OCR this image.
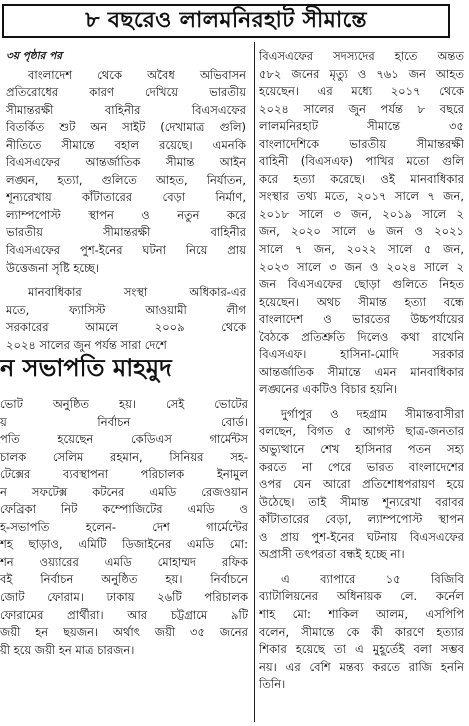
৮ বছরেও লালমনিরহাট সীমান্তে

৩য় পৃষ্ঠার পর

বাংলাদেশ থেকে অবৈধ অভিবাসন

প্রতিরোধের কারণ দেখিয়ে ভারতীয়

সীমান্তরক্ষী বাহিনীর বিএসএফের

বিতর্কিত শুট অন সাইট (দেখামাত্র গুলি)

নীতিতে সীমান্তে বহাল রয়েছে। এমনকি

বিএসএফের আন্তর্জাতিক সীমান্ত আইন

লঙ্ঘন, হত্যা, গুলিতে আহত, নির্যাতন,

শূন্যরেখায় কাঁটাতারের বেড়া নির্মাণ,

ল্যাম্পপোস্ট স্থাপন ও নতুন করে

ভারতীয় সীমান্তরক্ষী বাহিনীর

বিএসএফের পুশ-ইনের ঘটনা নিয়ে প্রায়

উত্তেজনা সৃষ্টি হচ্ছে।

মানবাধিকার সংস্থা অধিকার-এর

মতে, ফ্যাসিস্ট আওয়ামী লীগ

সরকারের আমলে ২০০৯ থেকে

২০২৪ সালের জুন পর্যন্ত সারা দেশে

ন সভাপতি মাহমুদ

ভোট অনুষ্ঠিত হয়। সেই ভোটের

য় নির্বাচন বোর্ড।

পতি হয়েছেন কেডিএস গার্মেন্টস

চালক সেলিম রহমান, সিনিয়র সহ-

টেক্সের ব্যবস্থাপনা পরিচালক ইনামুল

ন সফটেক্স কটনের এমডি রেজওয়ান

ফেব্রিকা নিট কম্পোজিটের এমডি ও

হ-সভাপতি হলেন- দেশ গার্মেন্টের

শহ ছাড়াও, এমিটি ডিজাইনের এমডি মো:

শন ওয়্যারের এমডি মোহাম্মদ রফিক

বই নির্বাচন অনুষ্ঠিত হয়। নির্বাচনে

জোট ফোরাম। ঢাকায় ২৬টি পরিচালক

ফোরামের প্রার্থীরা। আর চট্টগ্রামে ৯টি

জয়ী হন ছয়জন। অর্থাৎ জয়ী ৩৫ জনের

য়ী হয়ে জয়ী হন মাত্র চারজন।

বিএসএফের সদস্যদের হাতে অন্তত

৫৮২ জনের মৃত্যু ও ৭৬১ জন আহত

হয়েছেন। এর মধ্যে ২০১৭ থেকে

২০২৪ সালের জুন পর্যন্ত ৮ বছরে

লালমনিরহাট সীমান্তে ৩৫

বাংলাদেশিকে ভারতীয় সীমান্তরক্ষী

বাহিনী (বিএসএফ) পাখির মতো গুলি

করে হত্যা করেছে। ওই মানবাধিকার

সংস্থার তথ্য মতে, ২০১৭ সালে ৭ জন,

২০১৮ সালে ৩ জন, ২০১৯ সালে ২

জন, ২০২০ সালে ৬ জন ও ২০২১

সালে ৭ জন, ২০২২ সালে ৫ জন,

২০২৩ সালে ৩ জন ও ২০২৪ সালে ২

জন বিএসএফের ছোড়া গুলিতে নিহত

হয়েছেন। অথচ সীমান্ত হত্যা বন্ধে

বাংলাদেশ ও ভারতের উচ্চপর্যায়ের

বৈঠকে প্রতিশ্রুতি দিলেও কথা রাখেনি

বিএসএফ। হাসিনা-মোদি সরকার

আন্তর্জাতিক সীমান্তে এমন মানবাধিকার

লঙ্ঘনের একটিও বিচার হয়নি।

দুর্গাপুর ও দহগ্রাম সীমান্তবাসীরা

বলছেন, বিগত ৫ আগস্ট ছাত্র-জনতার

অভ্যুত্থানে শেখ হাসিনার পতন সহ্য

করতে না পেরে ভারত বাংলাদেশের

ওপর যেন আরো প্রতিশোধপরায়ণ হয়ে

উঠেছে। তাই সীমান্ত শূন্যরেখা বরাবর

কাঁটাতারের বেড়া, ল্যাম্পপোস্ট স্থাপন

ও প্রায় পুশ-ইনের ঘটনায় বিএসএফের

অপ্রাসী তৎপরতা বন্ধই হচ্ছে না।

এ ব্যাপারে ১৫ বিজিবি

ব্যাটালিয়নের অধিনায়ক লে. কর্নেল

শাহ মো: শাকিল আলম, এসপিপি

বলেন, সীমান্তে কে কী কারণে হত্যার

শিকার হয়েছে তা এ মুহূর্তেই বলা সম্ভব

নয়। এর বেশি মন্তব্য করতে রাজি হননি

তিনি।
